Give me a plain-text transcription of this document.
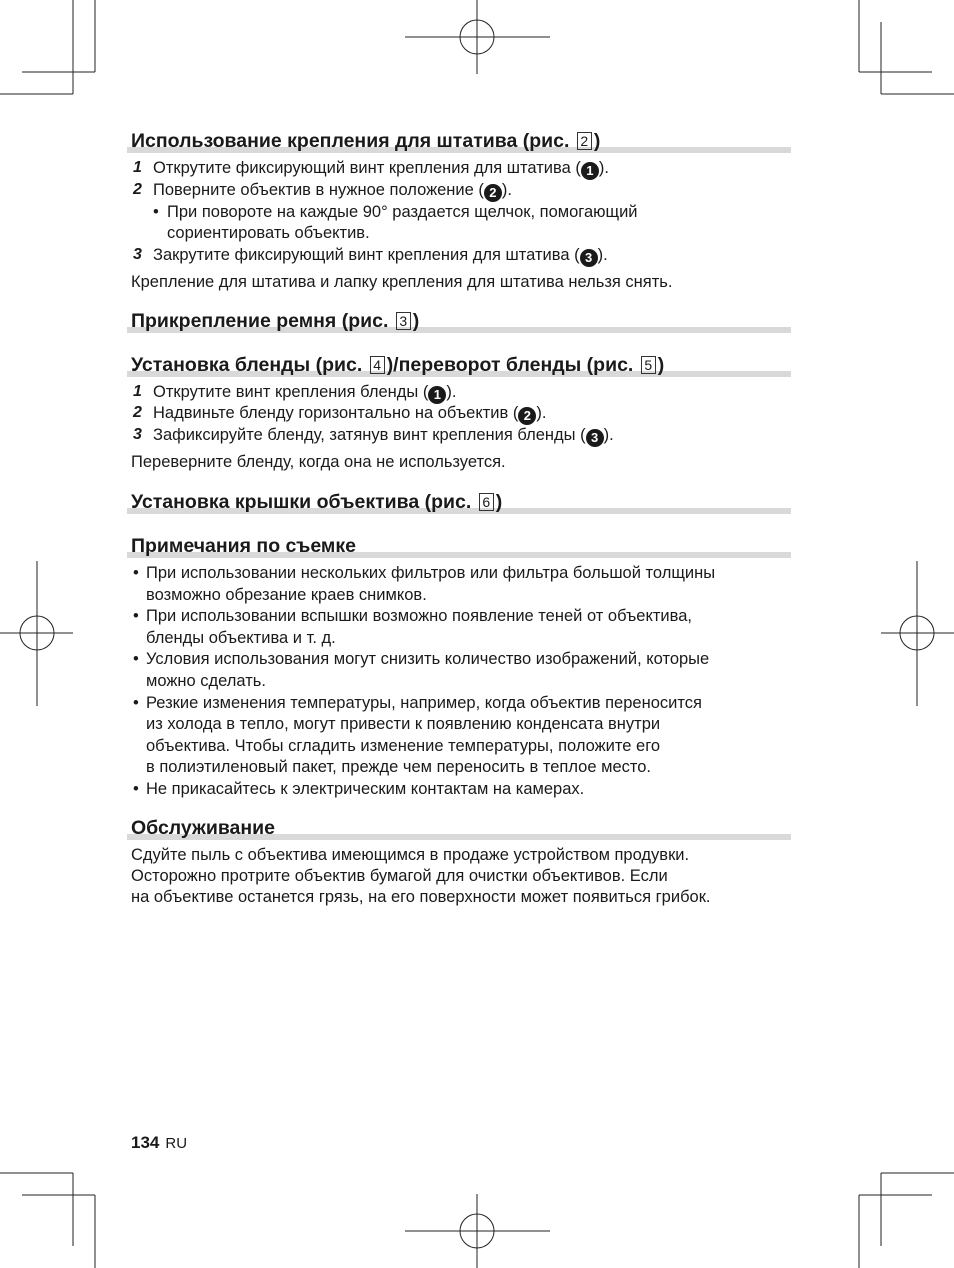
Использование крепления для штатива (рис. 2 )
1 Открутите фиксирующий винт крепления для штатива ( 1 ).
2 Поверните объектив в нужное положение ( 2 ).
• При повороте на каждые 90° раздается щелчок, помогающий
сориентировать объектив.
3 Закрутите фиксирующий винт крепления для штатива ( 3 ).
Крепление для штатива и лапку крепления для штатива нельзя снять.
Прикрепление ремня (рис. 3 )
Установка бленды (рис. 4 )/переворот бленды (рис. 5 )
1 Открутите винт крепления бленды ( 1 ).
2 Надвиньте бленду горизонтально на объектив ( 2 ).
3 Зафиксируйте бленду, затянув винт крепления бленды ( 3 ).
Переверните бленду, когда она не используется.
Установка крышки объектива (рис. 6 )
Примечания по съемке
• При использовании нескольких фильтров или фильтра большой толщины
возможно обрезание краев снимков.
• При использовании вспышки возможно появление теней от объектива,
бленды объектива и т. д.
• Условия использования могут снизить количество изображений, которые
можно сделать.
• Резкие изменения температуры, например, когда объектив переносится
из холода в тепло, могут привести к появлению конденсата внутри
объектива. Чтобы сгладить изменение температуры, положите его
в полиэтиленовый пакет, прежде чем переносить в теплое место.
• Не прикасайтесь к электрическим контактам на камерах.
Обслуживание
Сдуйте пыль с объектива имеющимся в продаже устройством продувки.
Осторожно протрите объектив бумагой для очистки объективов. Если
на объективе останется грязь, на его поверхности может появиться грибок.
134 RU
